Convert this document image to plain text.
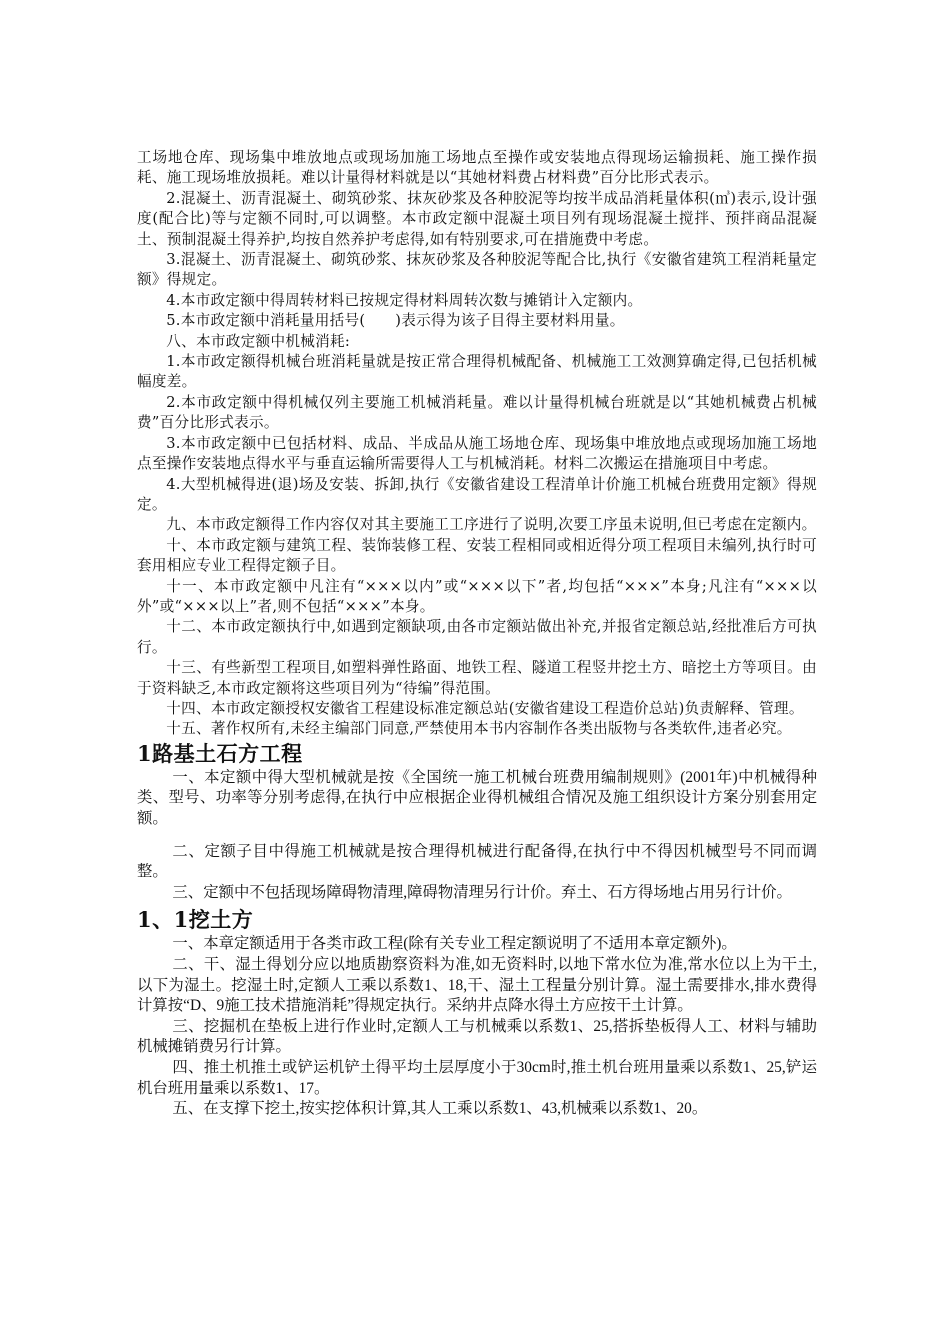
工场地仓库、现场集中堆放地点或现场加施工场地点至操作或安装地点得现场运输损耗、施工操作损耗、施工现场堆放损耗。难以计量得材料就是以“其她材料费占材料费”百分比形式表示。

2.混凝土、沥青混凝土、砌筑砂浆、抹灰砂浆及各种胶泥等均按半成品消耗量体积(㎥)表示,设计强度(配合比)等与定额不同时,可以调整。本市政定额中混凝土项目列有现场混凝土搅拌、预拌商品混凝土、预制混凝土得养护,均按自然养护考虑得,如有特别要求,可在措施费中考虑。

3.混凝土、沥青混凝土、砌筑砂浆、抹灰砂浆及各种胶泥等配合比,执行《安徽省建筑工程消耗量定额》得规定。

4.本市政定额中得周转材料已按规定得材料周转次数与摊销计入定额内。

5.本市政定额中消耗量用括号(　　)表示得为该子目得主要材料用量。

八、本市政定额中机械消耗:

1.本市政定额得机械台班消耗量就是按正常合理得机械配备、机械施工工效测算确定得,已包括机械幅度差。

2.本市政定额中得机械仅列主要施工机械消耗量。难以计量得机械台班就是以“其她机械费占机械费”百分比形式表示。

3.本市政定额中已包括材料、成品、半成品从施工场地仓库、现场集中堆放地点或现场加施工场地点至操作安装地点得水平与垂直运输所需要得人工与机械消耗。材料二次搬运在措施项目中考虑。

4.大型机械得进(退)场及安装、拆卸,执行《安徽省建设工程清单计价施工机械台班费用定额》得规定。

九、本市政定额得工作内容仅对其主要施工工序进行了说明,次要工序虽未说明,但已考虑在定额内。

十、本市政定额与建筑工程、装饰装修工程、安装工程相同或相近得分项工程项目未编列,执行时可套用相应专业工程得定额子目。

十一、本市政定额中凡注有“×××以内”或“×××以下”者,均包括“×××”本身;凡注有“×××以外”或“×××以上”者,则不包括“×××”本身。

十二、本市政定额执行中,如遇到定额缺项,由各市定额站做出补充,并报省定额总站,经批准后方可执行。

十三、有些新型工程项目,如塑料弹性路面、地铁工程、隧道工程竖井挖土方、暗挖土方等项目。由于资料缺乏,本市政定额将这些项目列为“待编”得范围。

十四、本市政定额授权安徽省工程建设标准定额总站(安徽省建设工程造价总站)负责解释、管理。

十五、著作权所有,未经主编部门同意,严禁使用本书内容制作各类出版物与各类软件,违者必究。

1路基土石方工程

一、本定额中得大型机械就是按《全国统一施工机械台班费用编制规则》(2001年)中机械得种类、型号、功率等分别考虑得,在执行中应根据企业得机械组合情况及施工组织设计方案分别套用定额。

二、定额子目中得施工机械就是按合理得机械进行配备得,在执行中不得因机械型号不同而调整。

三、定额中不包括现场障碍物清理,障碍物清理另行计价。弃土、石方得场地占用另行计价。

1、1挖土方

一、本章定额适用于各类市政工程(除有关专业工程定额说明了不适用本章定额外)。

二、干、湿土得划分应以地质勘察资料为准,如无资料时,以地下常水位为准,常水位以上为干土,以下为湿土。挖湿土时,定额人工乘以系数1、18,干、湿土工程量分别计算。湿土需要排水,排水费得计算按“D、9施工技术措施消耗”得规定执行。采纳井点降水得土方应按干土计算。

三、挖掘机在垫板上进行作业时,定额人工与机械乘以系数1、25,搭拆垫板得人工、材料与辅助机械摊销费另行计算。

四、推土机推土或铲运机铲土得平均土层厚度小于30cm时,推土机台班用量乘以系数1、25,铲运机台班用量乘以系数1、17。

五、在支撑下挖土,按实挖体积计算,其人工乘以系数1、43,机械乘以系数1、20。
